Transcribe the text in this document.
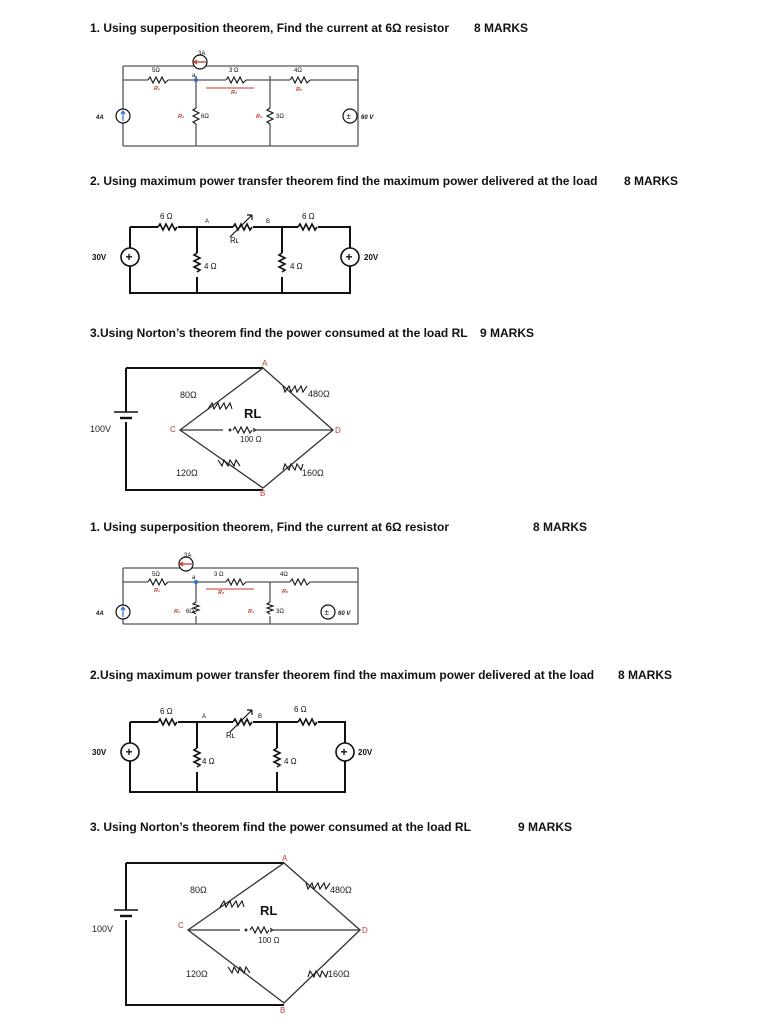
1. Using superposition theorem, Find the current at 6Ω resistor 8 MARKS
3A
5Ω
R₁
a
3 Ω
R₃
4Ω
R₅
6Ω
R₂	3Ω
R₄
4A	± 60 V
2. Using maximum power transfer theorem find the maximum power delivered at the load 8 MARKS
6 Ω
A
Rʟ
B
6 Ω
4 Ω	4 Ω
+
30V	+ 20V
3.Using Norton’s theorem find the power consumed at the load RL 9 MARKS
100V
80Ω	480Ω
120Ω	160Ω
RL
100 Ω
A
B
C	D
1. Using superposition theorem, Find the current at 6Ω resistor	8 MARKS
3A
5Ω
R₁
a	3 Ω
R₃
4Ω
R₅
6Ω
R₂	3Ω
R₄
4A	± 60 V
2.Using maximum power transfer theorem find the maximum power delivered at the load 8 MARKS
6 Ω
A
Rʟ
B
6 Ω
4 Ω	4 Ω
+
30V	+ 20V
3. Using Norton’s theorem find the power consumed at the load RL	9 MARKS
100V
80Ω	480Ω
120Ω	160Ω
RL
100 Ω
A
B
C
D
